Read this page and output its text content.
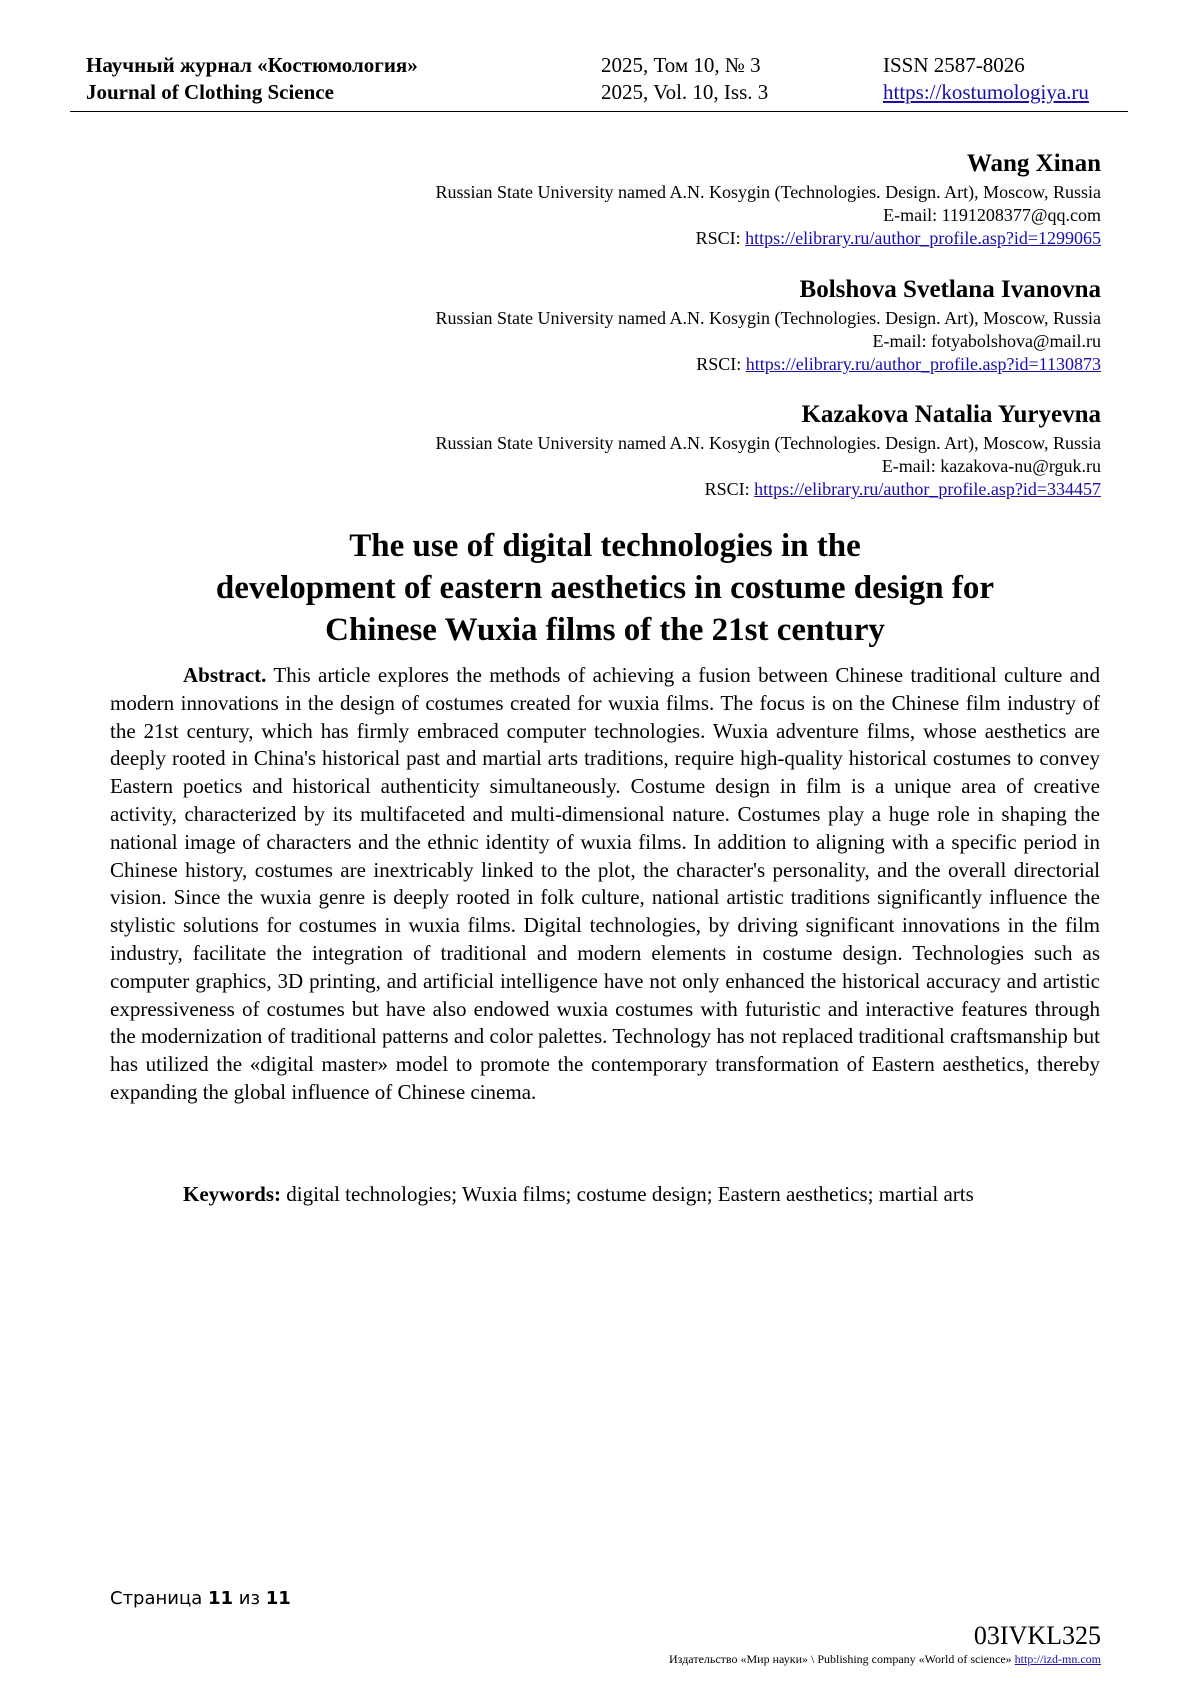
Научный журнал «Костюмология»
Journal of Clothing Science
2025, Том 10, № 3
2025, Vol. 10, Iss. 3
ISSN 2587-8026
https://kostumologiya.ru
Wang Xinan
Russian State University named A.N. Kosygin (Technologies. Design. Art), Moscow, Russia
E-mail: 1191208377@qq.com
RSCI: https://elibrary.ru/author_profile.asp?id=1299065
Bolshova Svetlana Ivanovna
Russian State University named A.N. Kosygin (Technologies. Design. Art), Moscow, Russia
E-mail: fotyabolshova@mail.ru
RSCI: https://elibrary.ru/author_profile.asp?id=1130873
Kazakova Natalia Yuryevna
Russian State University named A.N. Kosygin (Technologies. Design. Art), Moscow, Russia
E-mail: kazakova-nu@rguk.ru
RSCI: https://elibrary.ru/author_profile.asp?id=334457
The use of digital technologies in the
development of eastern aesthetics in costume design for
Chinese Wuxia films of the 21st century

Abstract. This article explores the methods of achieving a fusion between Chinese traditional culture and modern innovations in the design of costumes created for wuxia films. The focus is on the Chinese film industry of the 21st century, which has firmly embraced computer technologies. Wuxia adventure films, whose aesthetics are deeply rooted in China's historical past and martial arts traditions, require high-quality historical costumes to convey Eastern poetics and historical authenticity simultaneously. Costume design in film is a unique area of creative activity, characterized by its multifaceted and multi-dimensional nature. Costumes play a huge role in shaping the national image of characters and the ethnic identity of wuxia films. In addition to aligning with a specific period in Chinese history, costumes are inextricably linked to the plot, the character's personality, and the overall directorial vision. Since the wuxia genre is deeply rooted in folk culture, national artistic traditions significantly influence the stylistic solutions for costumes in wuxia films. Digital technologies, by driving significant innovations in the film industry, facilitate the integration of traditional and modern elements in costume design. Technologies such as computer graphics, 3D printing, and artificial intelligence have not only enhanced the historical accuracy and artistic expressiveness of costumes but have also endowed wuxia costumes with futuristic and interactive features through the modernization of traditional patterns and color palettes. Technology has not replaced traditional craftsmanship but has utilized the «digital master» model to promote the contemporary transformation of Eastern aesthetics, thereby expanding the global influence of Chinese cinema.

Keywords: digital technologies; Wuxia films; costume design; Eastern aesthetics; martial arts

Страница 11 из 11
03IVKL325
Издательство «Мир науки» \ Publishing company «World of science» http://izd-mn.com
